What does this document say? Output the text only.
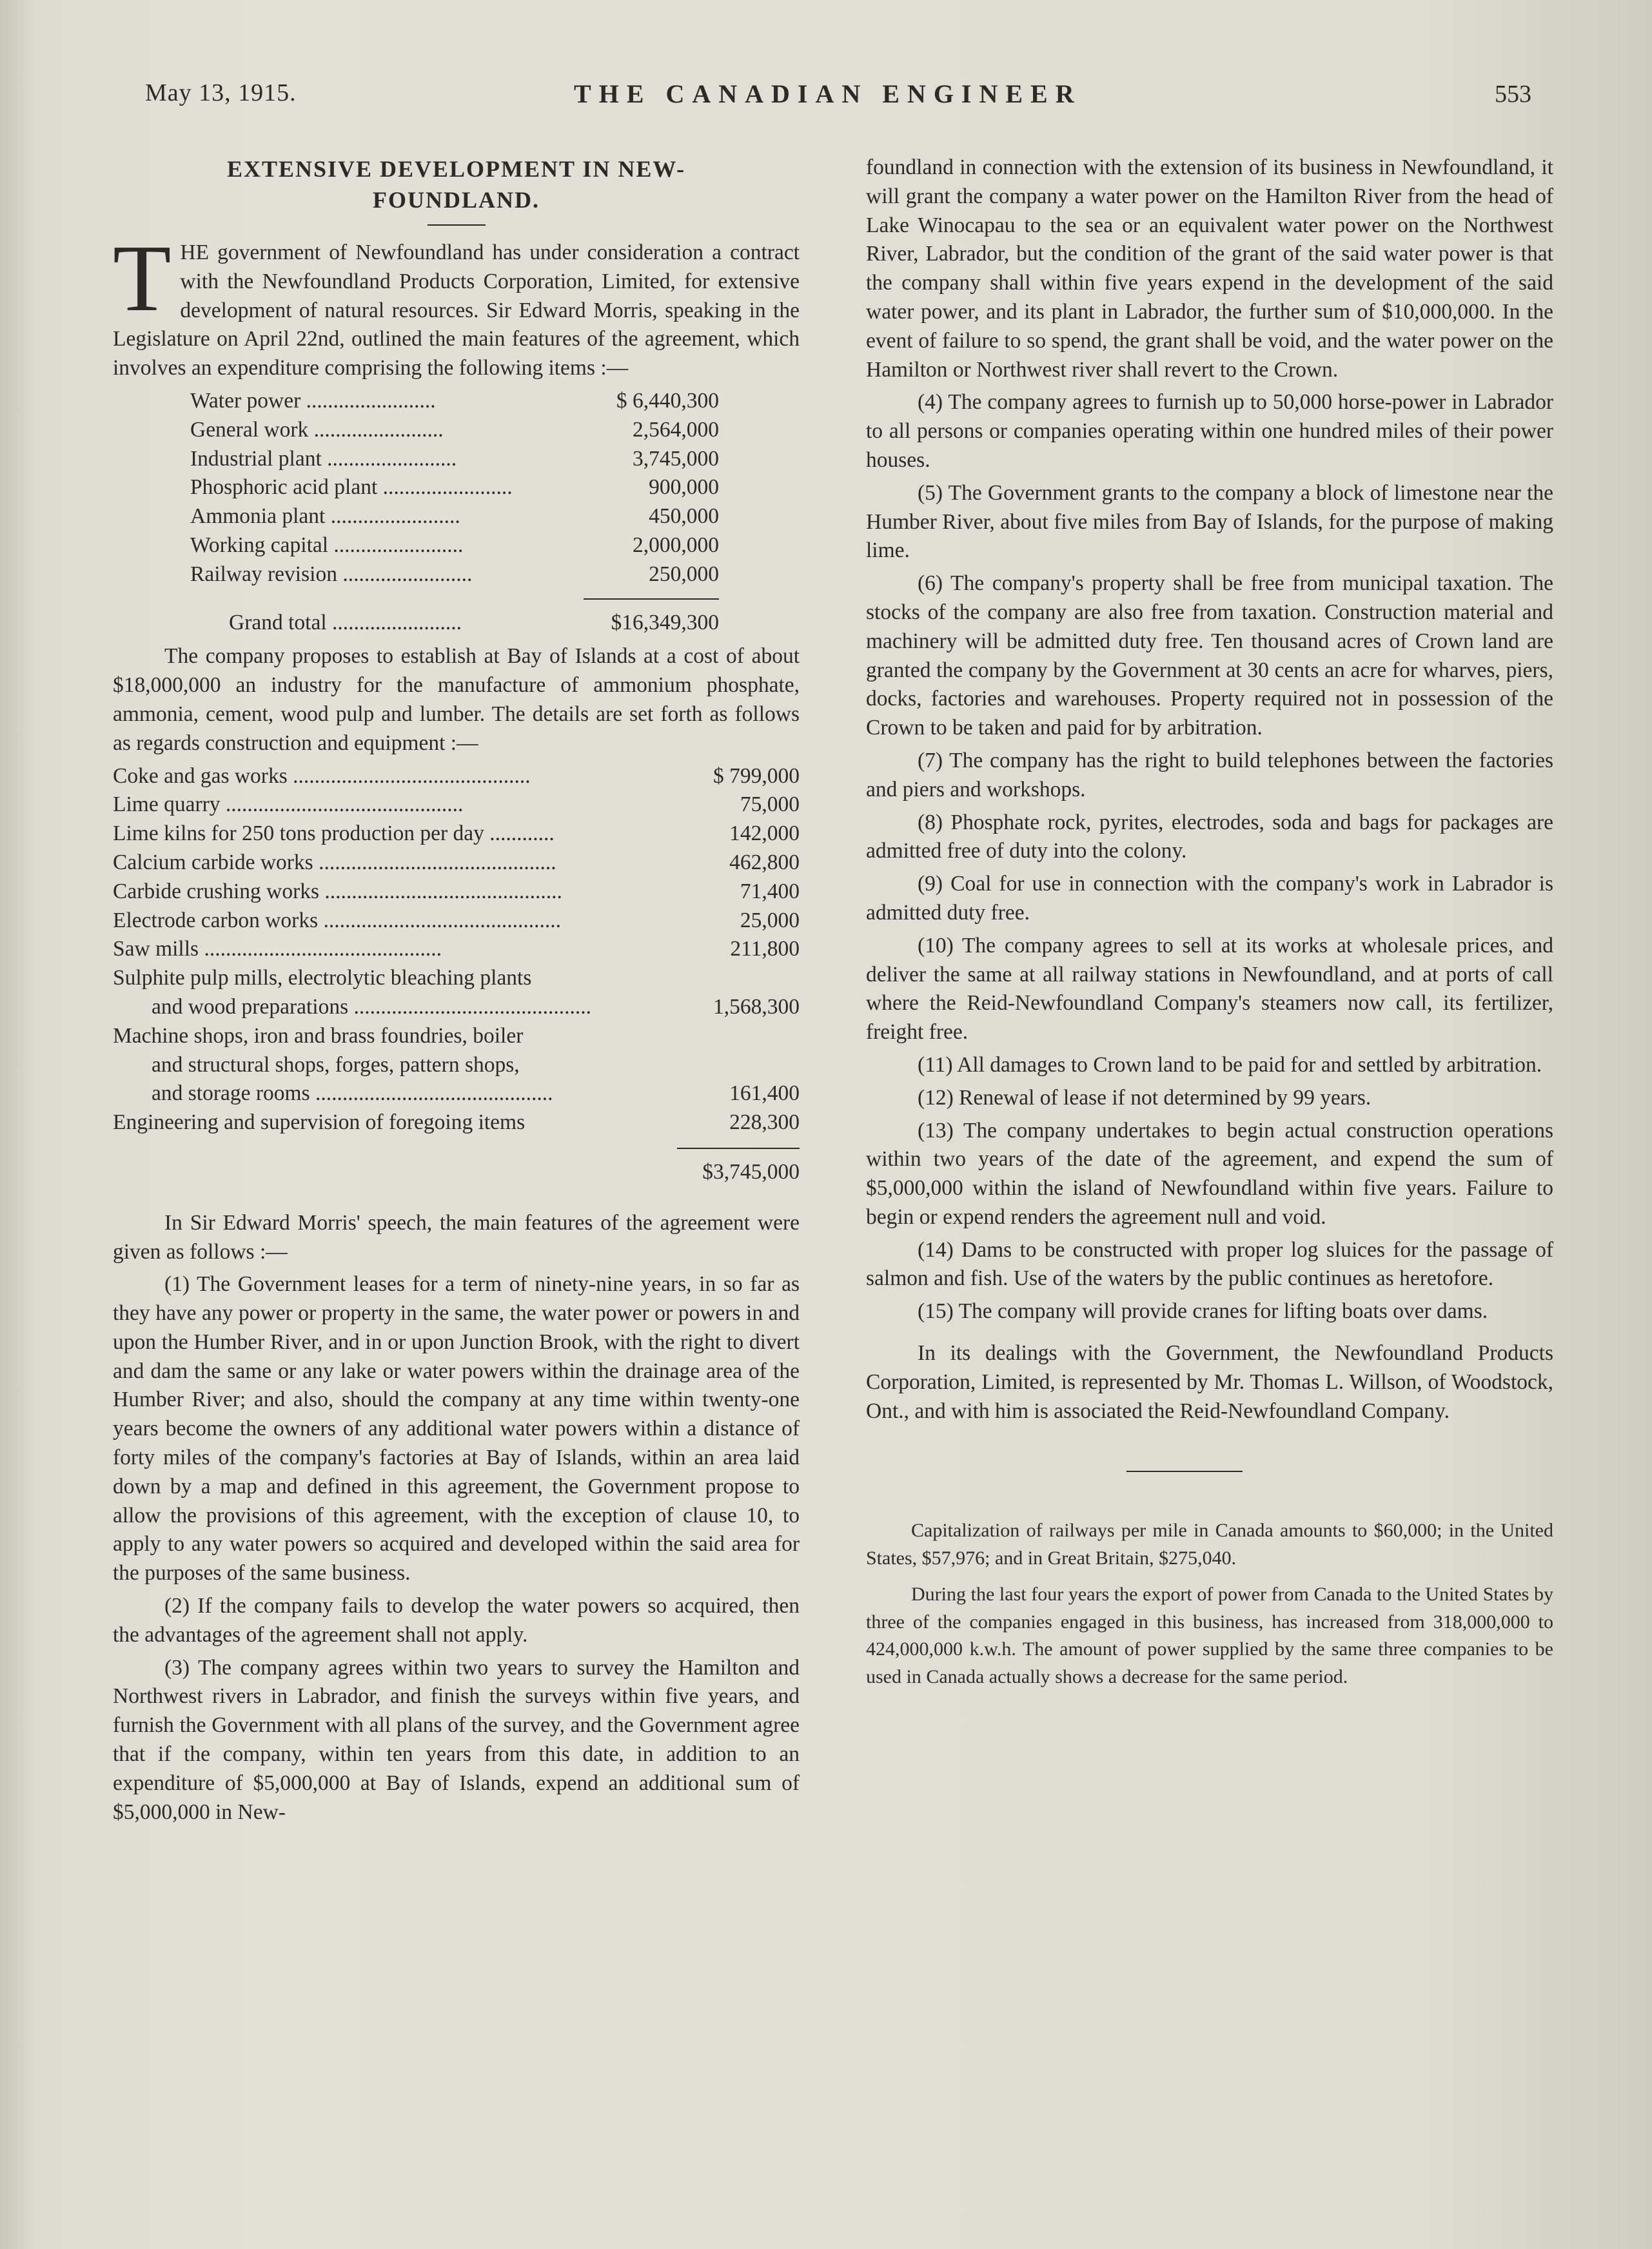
May 13, 1915.	THE CANADIAN ENGINEER	553
EXTENSIVE DEVELOPMENT IN NEW-
FOUNDLAND.

THE government of Newfoundland has under consideration a contract with the Newfoundland Products Corporation, Limited, for extensive development of natural resources. Sir Edward Morris, speaking in the Legislature on April 22nd, outlined the main features of the agreement, which involves an expenditure comprising the following items :—

Water power ........................	$ 6,440,300
General work ........................	2,564,000
Industrial plant ........................	3,745,000
Phosphoric acid plant ........................	900,000
Ammonia plant ........................	450,000
Working capital ........................	2,000,000
Railway revision ........................	250,000

Grand total ........................	$16,349,300

The company proposes to establish at Bay of Islands at a cost of about $18,000,000 an industry for the manufacture of ammonium phosphate, ammonia, cement, wood pulp and lumber. The details are set forth as follows as regards construction and equipment :—

Coke and gas works ............................................	$ 799,000
Lime quarry ............................................	75,000
Lime kilns for 250 tons production per day ............	142,000
Calcium carbide works ............................................	462,800
Carbide crushing works ............................................	71,400
Electrode carbon works ............................................	25,000
Saw mills ............................................	211,800
Sulphite pulp mills, electrolytic bleaching plants	
and wood preparations ............................................	1,568,300
Machine shops, iron and brass foundries, boiler	
and structural shops, forges, pattern shops,	
and storage rooms ............................................	161,400
Engineering and supervision of foregoing items	228,300

	$3,745,000

In Sir Edward Morris' speech, the main features of the agreement were given as follows :—

(1) The Government leases for a term of ninety-nine years, in so far as they have any power or property in the same, the water power or powers in and upon the Humber River, and in or upon Junction Brook, with the right to divert and dam the same or any lake or water powers within the drainage area of the Humber River; and also, should the company at any time within twenty-one years become the owners of any additional water powers within a distance of forty miles of the company's factories at Bay of Islands, within an area laid down by a map and defined in this agreement, the Government propose to allow the provisions of this agreement, with the exception of clause 10, to apply to any water powers so acquired and developed within the said area for the purposes of the same business.

(2) If the company fails to develop the water powers so acquired, then the advantages of the agreement shall not apply.

(3) The company agrees within two years to survey the Hamilton and Northwest rivers in Labrador, and finish the surveys within five years, and furnish the Government with all plans of the survey, and the Government agree that if the company, within ten years from this date, in addition to an expenditure of $5,000,000 at Bay of Islands, expend an additional sum of $5,000,000 in New-

foundland in connection with the extension of its business in Newfoundland, it will grant the company a water power on the Hamilton River from the head of Lake Winocapau to the sea or an equivalent water power on the Northwest River, Labrador, but the condition of the grant of the said water power is that the company shall within five years expend in the development of the said water power, and its plant in Labrador, the further sum of $10,000,000. In the event of failure to so spend, the grant shall be void, and the water power on the Hamilton or Northwest river shall revert to the Crown.

(4) The company agrees to furnish up to 50,000 horse-power in Labrador to all persons or companies operating within one hundred miles of their power houses.

(5) The Government grants to the company a block of limestone near the Humber River, about five miles from Bay of Islands, for the purpose of making lime.

(6) The company's property shall be free from municipal taxation. The stocks of the company are also free from taxation. Construction material and machinery will be admitted duty free. Ten thousand acres of Crown land are granted the company by the Government at 30 cents an acre for wharves, piers, docks, factories and warehouses. Property required not in possession of the Crown to be taken and paid for by arbitration.

(7) The company has the right to build telephones between the factories and piers and workshops.

(8) Phosphate rock, pyrites, electrodes, soda and bags for packages are admitted free of duty into the colony.

(9) Coal for use in connection with the company's work in Labrador is admitted duty free.

(10) The company agrees to sell at its works at wholesale prices, and deliver the same at all railway stations in Newfoundland, and at ports of call where the Reid-Newfoundland Company's steamers now call, its fertilizer, freight free.

(11) All damages to Crown land to be paid for and settled by arbitration.

(12) Renewal of lease if not determined by 99 years.

(13) The company undertakes to begin actual construction operations within two years of the date of the agreement, and expend the sum of $5,000,000 within the island of Newfoundland within five years. Failure to begin or expend renders the agreement null and void.

(14) Dams to be constructed with proper log sluices for the passage of salmon and fish. Use of the waters by the public continues as heretofore.

(15) The company will provide cranes for lifting boats over dams.

In its dealings with the Government, the Newfoundland Products Corporation, Limited, is represented by Mr. Thomas L. Willson, of Woodstock, Ont., and with him is associated the Reid-Newfoundland Company.

Capitalization of railways per mile in Canada amounts to $60,000; in the United States, $57,976; and in Great Britain, $275,040.

During the last four years the export of power from Canada to the United States by three of the companies engaged in this business, has increased from 318,000,000 to 424,000,000 k.w.h. The amount of power supplied by the same three companies to be used in Canada actually shows a decrease for the same period.
